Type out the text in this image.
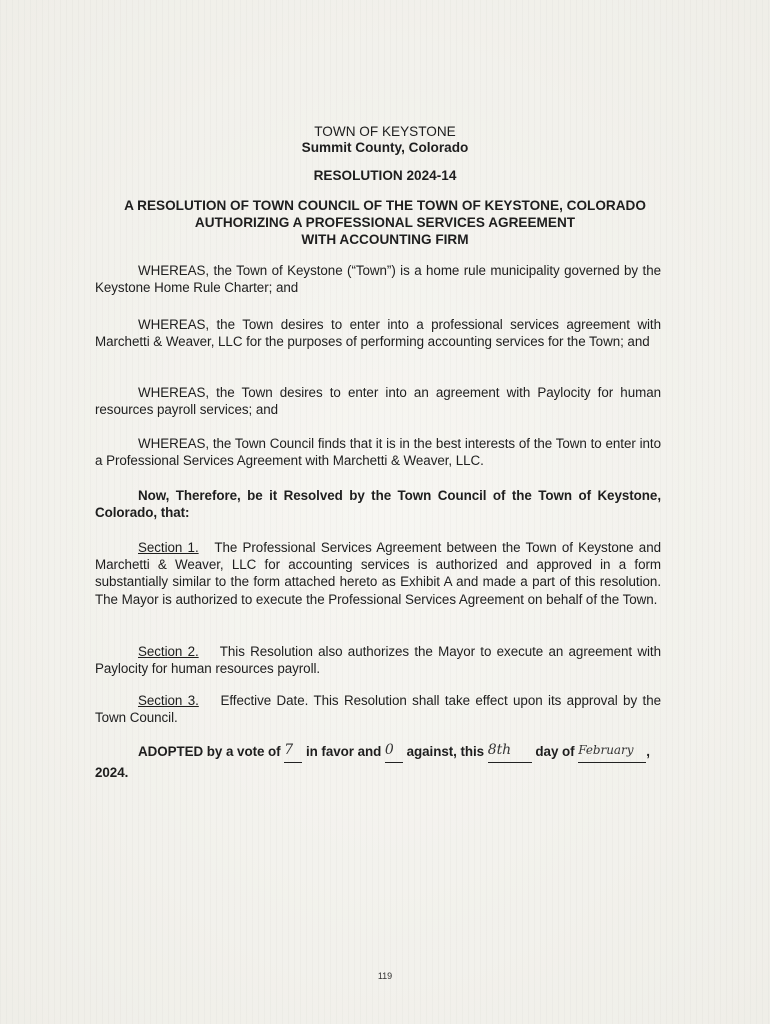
TOWN OF KEYSTONE
Summit County, Colorado
RESOLUTION 2024-14
A RESOLUTION OF TOWN COUNCIL OF THE TOWN OF KEYSTONE, COLORADO
AUTHORIZING A PROFESSIONAL SERVICES AGREEMENT
WITH ACCOUNTING FIRM
WHEREAS, the Town of Keystone (“Town”) is a home rule municipality governed by the Keystone Home Rule Charter; and
WHEREAS, the Town desires to enter into a professional services agreement with Marchetti & Weaver, LLC for the purposes of performing accounting services for the Town; and
WHEREAS, the Town desires to enter into an agreement with Paylocity for human resources payroll services; and
WHEREAS, the Town Council finds that it is in the best interests of the Town to enter into a Professional Services Agreement with Marchetti & Weaver, LLC.
Now, Therefore, be it Resolved by the Town Council of the Town of Keystone, Colorado, that:
Section 1. The Professional Services Agreement between the Town of Keystone and Marchetti & Weaver, LLC for accounting services is authorized and approved in a form substantially similar to the form attached hereto as Exhibit A and made a part of this resolution. The Mayor is authorized to execute the Professional Services Agreement on behalf of the Town.
Section 2. This Resolution also authorizes the Mayor to execute an agreement with Paylocity for human resources payroll.
Section 3. Effective Date. This Resolution shall take effect upon its approval by the Town Council.
ADOPTED by a vote of 7 in favor and 0 against, this 8th day of February ,
2024.
119
